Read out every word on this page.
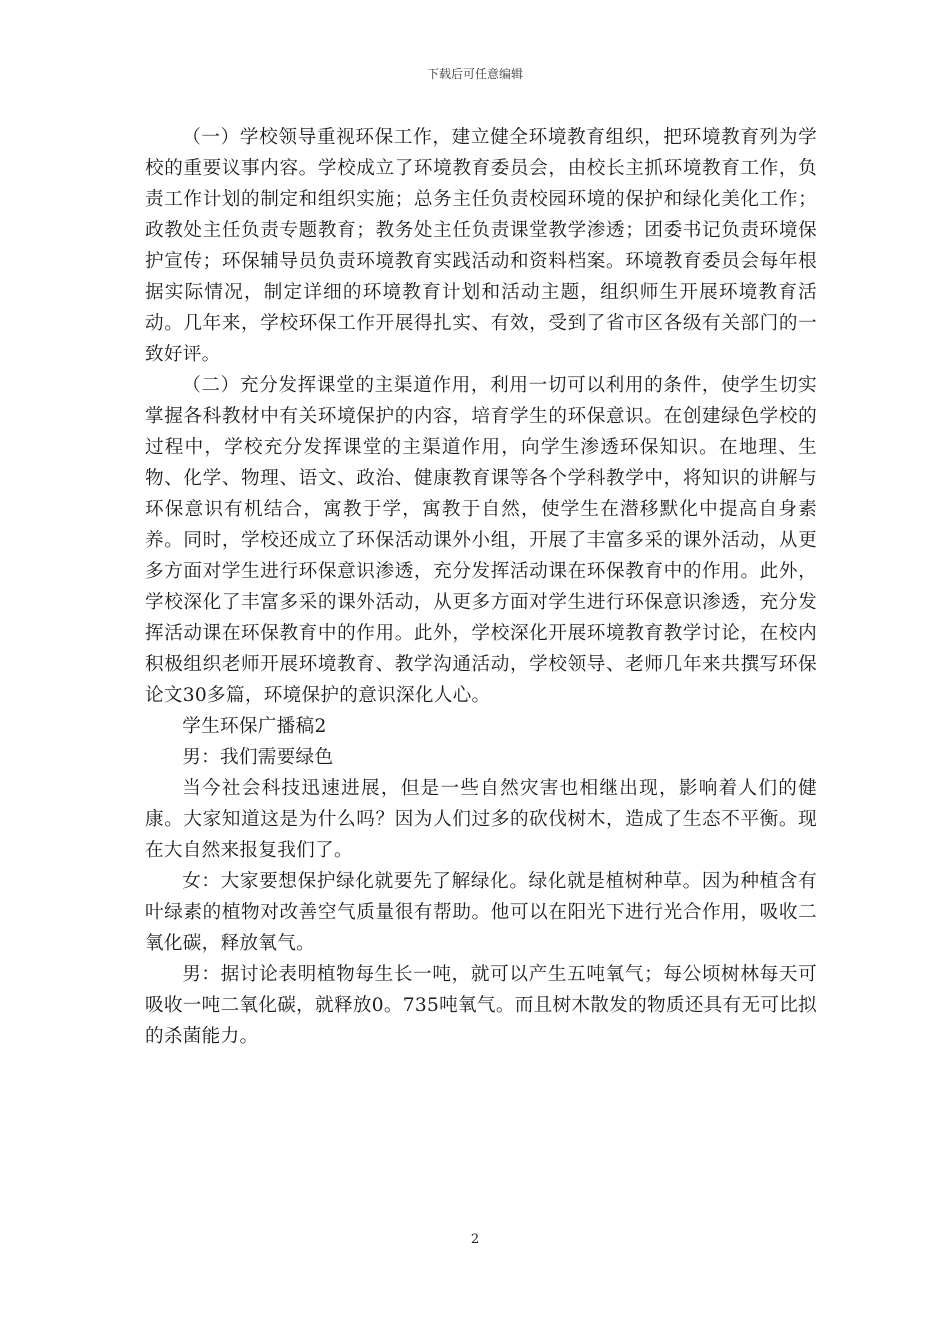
下载后可任意编辑

（一）学校领导重视环保工作，建立健全环境教育组织，把环境教育列为学校的重要议事内容。学校成立了环境教育委员会，由校长主抓环境教育工作，负责工作计划的制定和组织实施；总务主任负责校园环境的保护和绿化美化工作；政教处主任负责专题教育；教务处主任负责课堂教学渗透；团委书记负责环境保护宣传；环保辅导员负责环境教育实践活动和资料档案。环境教育委员会每年根据实际情况，制定详细的环境教育计划和活动主题，组织师生开展环境教育活动。几年来，学校环保工作开展得扎实、有效，受到了省市区各级有关部门的一致好评。

（二）充分发挥课堂的主渠道作用，利用一切可以利用的条件，使学生切实掌握各科教材中有关环境保护的内容，培育学生的环保意识。在创建绿色学校的过程中，学校充分发挥课堂的主渠道作用，向学生渗透环保知识。在地理、生物、化学、物理、语文、政治、健康教育课等各个学科教学中，将知识的讲解与环保意识有机结合，寓教于学，寓教于自然，使学生在潜移默化中提高自身素养。同时，学校还成立了环保活动课外小组，开展了丰富多采的课外活动，从更多方面对学生进行环保意识渗透，充分发挥活动课在环保教育中的作用。此外，学校深化了丰富多采的课外活动，从更多方面对学生进行环保意识渗透，充分发挥活动课在环保教育中的作用。此外，学校深化开展环境教育教学讨论，在校内积极组织老师开展环境教育、教学沟通活动，学校领导、老师几年来共撰写环保论文30多篇，环境保护的意识深化人心。

学生环保广播稿2

男：我们需要绿色

当今社会科技迅速进展，但是一些自然灾害也相继出现，影响着人们的健康。大家知道这是为什么吗？因为人们过多的砍伐树木，造成了生态不平衡。现在大自然来报复我们了。

女：大家要想保护绿化就要先了解绿化。绿化就是植树种草。因为种植含有叶绿素的植物对改善空气质量很有帮助。他可以在阳光下进行光合作用，吸收二氧化碳，释放氧气。

男：据讨论表明植物每生长一吨，就可以产生五吨氧气；每公顷树林每天可吸收一吨二氧化碳，就释放0。735吨氧气。而且树木散发的物质还具有无可比拟的杀菌能力。

2
